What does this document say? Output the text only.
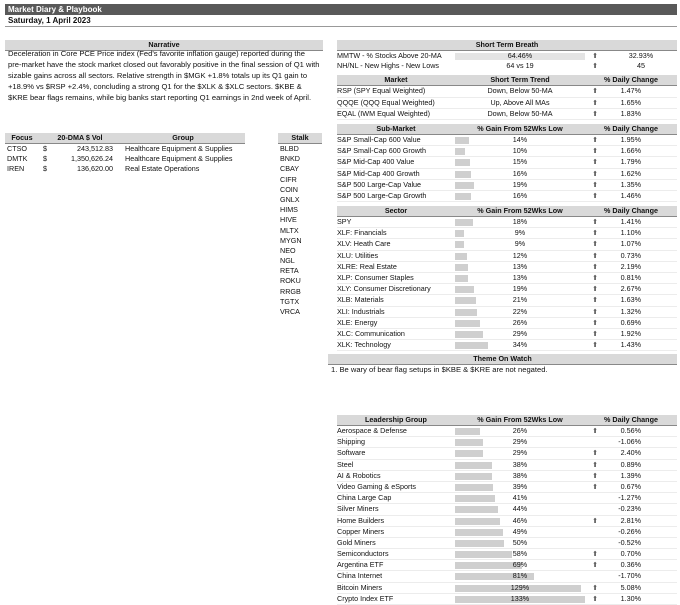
Market Diary & Playbook
Saturday, 1 April 2023
Narrative
Deceleration in Core PCE Price index (Fed's favorite inflation gauge) reported during the pre-market have the stock market closed out favorably positive in the final session of Q1 with sizable gains across all sectors. Relative strength in $MGK +1.8% totals up its Q1 gain to +18.9% vs $RSP +2.4%, concluding a strong Q1 for the $XLK & $XLC sectors. $KBE & $KRE bear flags remains, while big banks start reporting Q1 earnings in 2nd week of April.
Focus	20-DMA $ Vol	Group
CTSO	$	243,512.83	Healthcare Equipment & Supplies
DMTK	$	1,350,626.24	Healthcare Equipment & Supplies
IREN	$	136,620.00	Real Estate Operations
Stalk
BLBD
BNKD
CBAY
CIFR
COIN
GNLX
HIMS
HIVE
MLTX
MYGN
NEO
NGL
RETA
ROKU
RRGB
TGTX
VRCA
Short Term Breath
MMTW - % Stocks Above 20-MA	64.46%	⬆	32.93%
NH/NL - New Highs - New Lows	64 vs 19	⬆	45
Market	Short Term Trend	% Daily Change
RSP (SPY Equal Weighted)	Down, Below 50-MA	⬆	1.47%
QQQE (QQQ Equal Weighted)	Up, Above All MAs	⬆	1.65%
EQAL (IWM Equal Weighted)	Down, Below 50-MA	⬆	1.83%
Sub-Market	% Gain From 52Wks Low	% Daily Change
S&P Small-Cap 600 Value	14%	⬆	1.95%
S&P Small-Cap 600 Growth	10%	⬆	1.66%
S&P Mid-Cap 400 Value	15%	⬆	1.79%
S&P Mid-Cap 400 Growth	16%	⬆	1.62%
S&P 500 Large-Cap Value	19%	⬆	1.35%
S&P 500 Large-Cap Growth	16%	⬆	1.46%
Sector	% Gain From 52Wks Low	% Daily Change
SPY	18%	⬆	1.41%
XLF: Financials	9%	⬆	1.10%
XLV: Heath Care	9%	⬆	1.07%
XLU: Utilities	12%	⬆	0.73%
XLRE: Real Estate	13%	⬆	2.19%
XLP: Consumer Staples	13%	⬆	0.81%
XLY: Consumer Discretionary	19%	⬆	2.67%
XLB: Materials	21%	⬆	1.63%
XLI: Industrials	22%	⬆	1.32%
XLE: Energy	26%	⬆	0.69%
XLC: Communication	29%	⬆	1.92%
XLK: Technology	34%	⬆	1.43%
Theme On Watch
1. Be wary of bear flag setups in $KBE & $KRE are not negated.
Leadership Group	% Gain From 52Wks Low	% Daily Change
Aerospace & Defense	26%	⬆	0.56%
Shipping	29%	-1.06%
Software	29%	⬆	2.40%
Steel	38%	⬆	0.89%
AI & Robotics	38%	⬆	1.39%
Video Gaming & eSports	39%	⬆	0.67%
China Large Cap	41%	-1.27%
Silver Miners	44%	-0.23%
Home Builders	46%	⬆	2.81%
Copper Miners	49%	-0.26%
Gold Miners	50%	-0.52%
Semiconductors	58%	⬆	0.70%
Argentina ETF	69%	⬆	0.36%
China Internet	81%	-1.70%
Bitcoin Miners	129%	⬆	5.08%
Crypto Index ETF	133%	⬆	1.30%
